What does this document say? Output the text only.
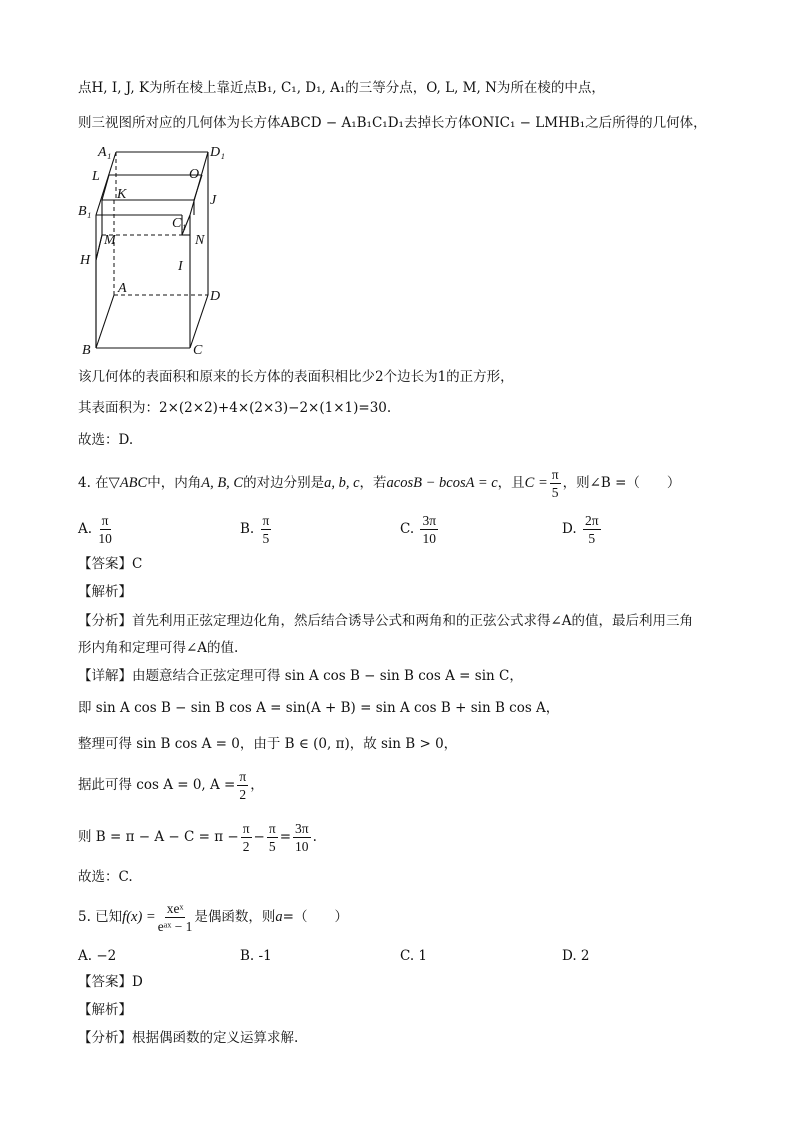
点H, I, J, K为所在棱上靠近点B₁, C₁, D₁, A₁的三等分点，O, L, M, N为所在棱的中点，
则三视图所对应的几何体为长方体ABCD − A₁B₁C₁D₁去掉长方体ONIC₁ − LMHB₁之后所得的几何体，
A₁	D₁
L	O
K
B₁
J
C₁
M	N
H	I
A
D
B	C
该几何体的表面积和原来的长方体的表面积相比少2个边长为1的正方形，
其表面积为：2×(2×2)+4×(2×3)−2×(1×1)=30.
故选：D.
4. 在▽ABC中，内角A, B, C的对边分别是a, b, c，若acosB − bcosA = c，且$C = \frac{\pi}{5}$ ，则∠B =（　　）
A. $\frac{\pi}{10}$	B. $\frac{\pi}{5}$	C. $\frac{3\pi}{10}$	D. $\frac{2\pi}{5}$
【答案】C
【解析】
【分析】首先利用正弦定理边化角，然后结合诱导公式和两角和的正弦公式求得∠A的值，最后利用三角
形内角和定理可得∠A的值.
【详解】由题意结合正弦定理可得 sin A cos B − sin B cos A = sin C，
即 sin A cos B − sin B cos A = sin(A + B) = sin A cos B + sin B cos A，
整理可得 sin B cos A = 0，由于 B ∈ (0, π)，故 sin B > 0，
据此可得 cos A = 0, $A = \frac{\pi}{2}$ ，
则 $B = \pi - A - C = \pi - \frac{\pi}{2} - \frac{\pi}{5} = \frac{3\pi}{10}$ .
故选：C.
5. 已知$f(x) = \frac{\text{xeˣ}}{\text{eᵃˣ − 1}}$ 是偶函数，则a=（　　）
A. −2	B. -1	C. 1	D. 2
【答案】D
【解析】
【分析】根据偶函数的定义运算求解.
